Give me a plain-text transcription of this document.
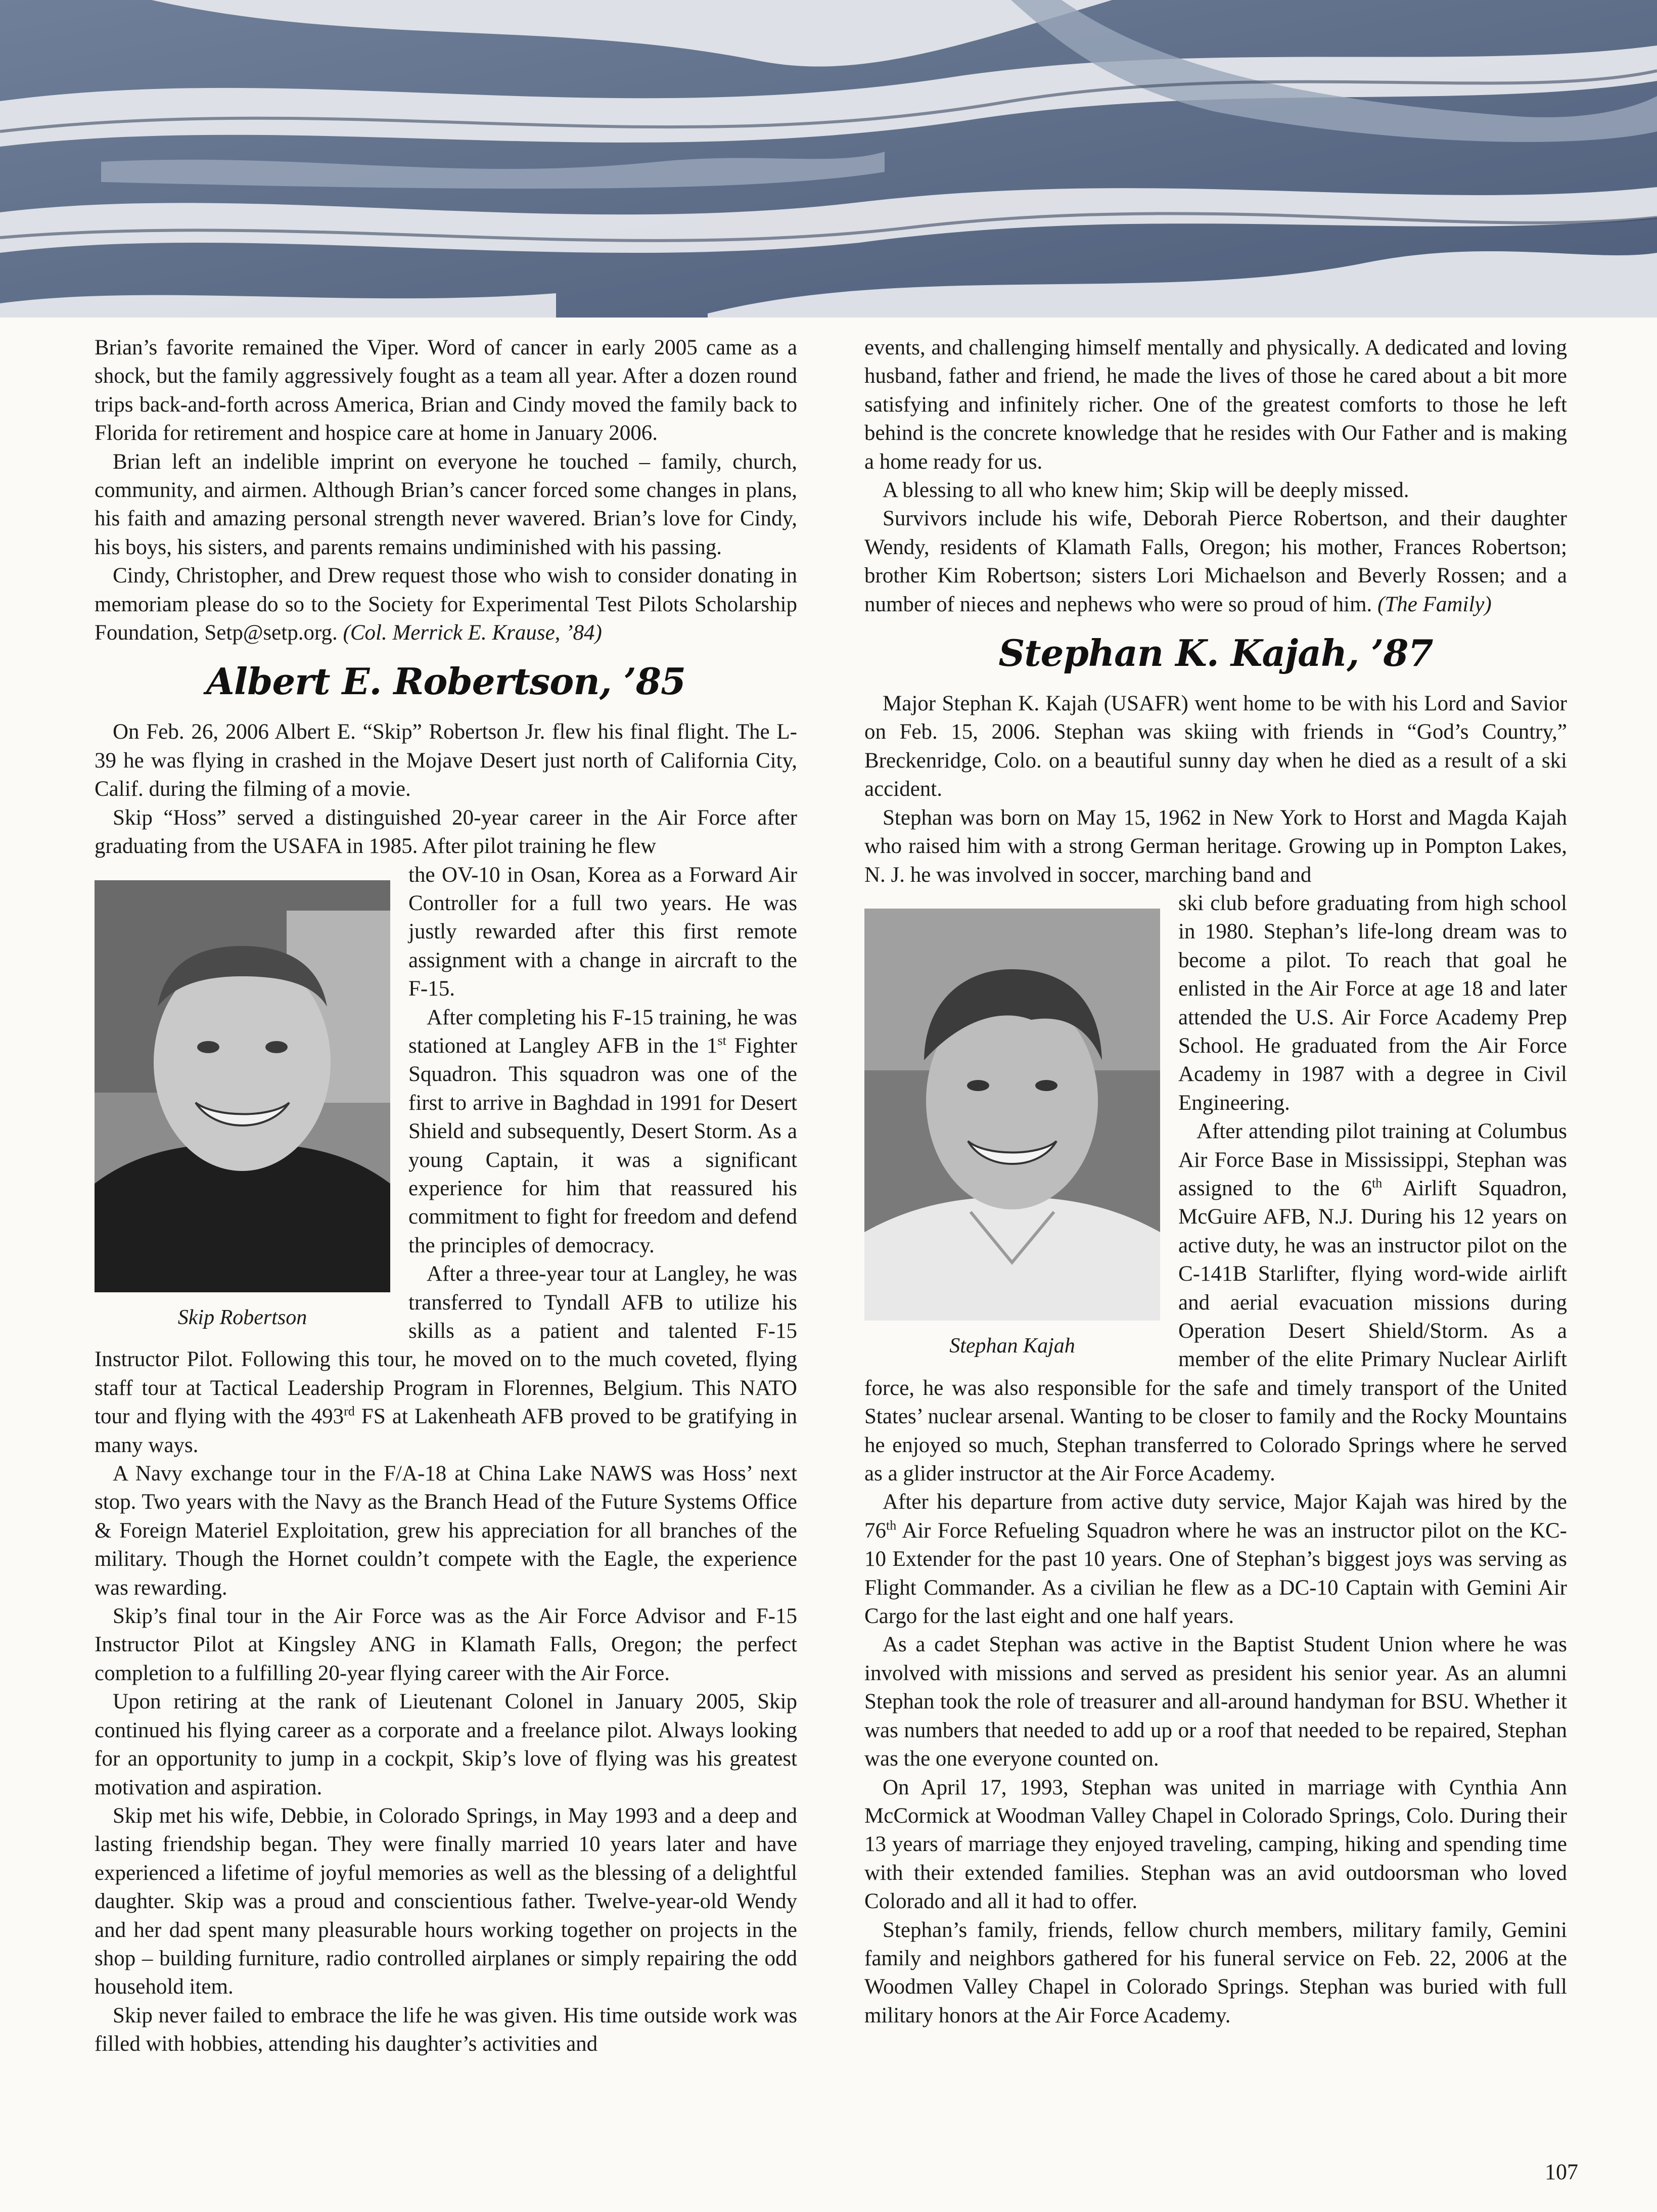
Brian’s favorite remained the Viper. Word of cancer in early 2005 came as a shock, but the family aggressively fought as a team all year. After a dozen round trips back-and-forth across America, Brian and Cindy moved the family back to Florida for retirement and hospice care at home in January 2006.

Brian left an indelible imprint on everyone he touched – family, church, community, and airmen. Although Brian’s cancer forced some changes in plans, his faith and amazing personal strength never wavered. Brian’s love for Cindy, his boys, his sisters, and parents remains undiminished with his passing.

Cindy, Christopher, and Drew request those who wish to consider donating in memoriam please do so to the Society for Experimental Test Pilots Scholarship Foundation, Setp@setp.org. (Col. Merrick E. Krause, ’84)

Albert E. Robertson, ’85

On Feb. 26, 2006 Albert E. “Skip” Robertson Jr. flew his final flight. The L-39 he was flying in crashed in the Mojave Desert just north of California City, Calif. during the filming of a movie.

Skip “Hoss” served a distinguished 20-year career in the Air Force after graduating from the USAFA in 1985. After pilot training he flew

Skip Robertson

the OV-10 in Osan, Korea as a Forward Air Controller for a full two years. He was justly rewarded after this first remote assignment with a change in aircraft to the F-15.

After completing his F-15 training, he was stationed at Langley AFB in the 1st Fighter Squadron. This squadron was one of the first to arrive in Baghdad in 1991 for Desert Shield and subsequently, Desert Storm. As a young Captain, it was a significant experience for him that reassured his commitment to fight for freedom and defend the principles of democracy.

After a three-year tour at Langley, he was transferred to Tyndall AFB to utilize his skills as a patient and talented F-15 Instructor Pilot. Following this tour, he moved on to the much coveted, flying staff tour at Tactical Leadership Program in Florennes, Belgium. This NATO tour and flying with the 493rd FS at Lakenheath AFB proved to be gratifying in many ways.

A Navy exchange tour in the F/A-18 at China Lake NAWS was Hoss’ next stop. Two years with the Navy as the Branch Head of the Future Systems Office & Foreign Materiel Exploitation, grew his appreciation for all branches of the military. Though the Hornet couldn’t compete with the Eagle, the experience was rewarding.

Skip’s final tour in the Air Force was as the Air Force Advisor and F-15 Instructor Pilot at Kingsley ANG in Klamath Falls, Oregon; the perfect completion to a fulfilling 20-year flying career with the Air Force.

Upon retiring at the rank of Lieutenant Colonel in January 2005, Skip continued his flying career as a corporate and a freelance pilot. Always looking for an opportunity to jump in a cockpit, Skip’s love of flying was his greatest motivation and aspiration.

Skip met his wife, Debbie, in Colorado Springs, in May 1993 and a deep and lasting friendship began. They were finally married 10 years later and have experienced a lifetime of joyful memories as well as the blessing of a delightful daughter. Skip was a proud and conscientious father. Twelve-year-old Wendy and her dad spent many pleasurable hours working together on projects in the shop – building furniture, radio controlled airplanes or simply repairing the odd household item.

Skip never failed to embrace the life he was given. His time outside work was filled with hobbies, attending his daughter’s activities and

events, and challenging himself mentally and physically. A dedicated and loving husband, father and friend, he made the lives of those he cared about a bit more satisfying and infinitely richer. One of the greatest comforts to those he left behind is the concrete knowledge that he resides with Our Father and is making a home ready for us.

A blessing to all who knew him; Skip will be deeply missed.

Survivors include his wife, Deborah Pierce Robertson, and their daughter Wendy, residents of Klamath Falls, Oregon; his mother, Frances Robertson; brother Kim Robertson; sisters Lori Michaelson and Beverly Rossen; and a number of nieces and nephews who were so proud of him. (The Family)

Stephan K. Kajah, ’87

Major Stephan K. Kajah (USAFR) went home to be with his Lord and Savior on Feb. 15, 2006. Stephan was skiing with friends in “God’s Country,” Breckenridge, Colo. on a beautiful sunny day when he died as a result of a ski accident.

Stephan was born on May 15, 1962 in New York to Horst and Magda Kajah who raised him with a strong German heritage. Growing up in Pompton Lakes, N. J. he was involved in soccer, marching band and

Stephan Kajah

ski club before graduating from high school in 1980. Stephan’s life-long dream was to become a pilot. To reach that goal he enlisted in the Air Force at age 18 and later attended the U.S. Air Force Academy Prep School. He graduated from the Air Force Academy in 1987 with a degree in Civil Engineering.

After attending pilot training at Columbus Air Force Base in Mississippi, Stephan was assigned to the 6th Airlift Squadron, McGuire AFB, N.J. During his 12 years on active duty, he was an instructor pilot on the C-141B Starlifter, flying word-wide airlift and aerial evacuation missions during Operation Desert Shield/Storm. As a member of the elite Primary Nuclear Airlift force, he was also responsible for the safe and timely transport of the United States’ nuclear arsenal. Wanting to be closer to family and the Rocky Mountains he enjoyed so much, Stephan transferred to Colorado Springs where he served as a glider instructor at the Air Force Academy.

After his departure from active duty service, Major Kajah was hired by the 76th Air Force Refueling Squadron where he was an instructor pilot on the KC-10 Extender for the past 10 years. One of Stephan’s biggest joys was serving as Flight Commander. As a civilian he flew as a DC-10 Captain with Gemini Air Cargo for the last eight and one half years.

As a cadet Stephan was active in the Baptist Student Union where he was involved with missions and served as president his senior year. As an alumni Stephan took the role of treasurer and all-around handyman for BSU. Whether it was numbers that needed to add up or a roof that needed to be repaired, Stephan was the one everyone counted on.

On April 17, 1993, Stephan was united in marriage with Cynthia Ann McCormick at Woodman Valley Chapel in Colorado Springs, Colo. During their 13 years of marriage they enjoyed traveling, camping, hiking and spending time with their extended families. Stephan was an avid outdoorsman who loved Colorado and all it had to offer.

Stephan’s family, friends, fellow church members, military family, Gemini family and neighbors gathered for his funeral service on Feb. 22, 2006 at the Woodmen Valley Chapel in Colorado Springs. Stephan was buried with full military honors at the Air Force Academy.

107
